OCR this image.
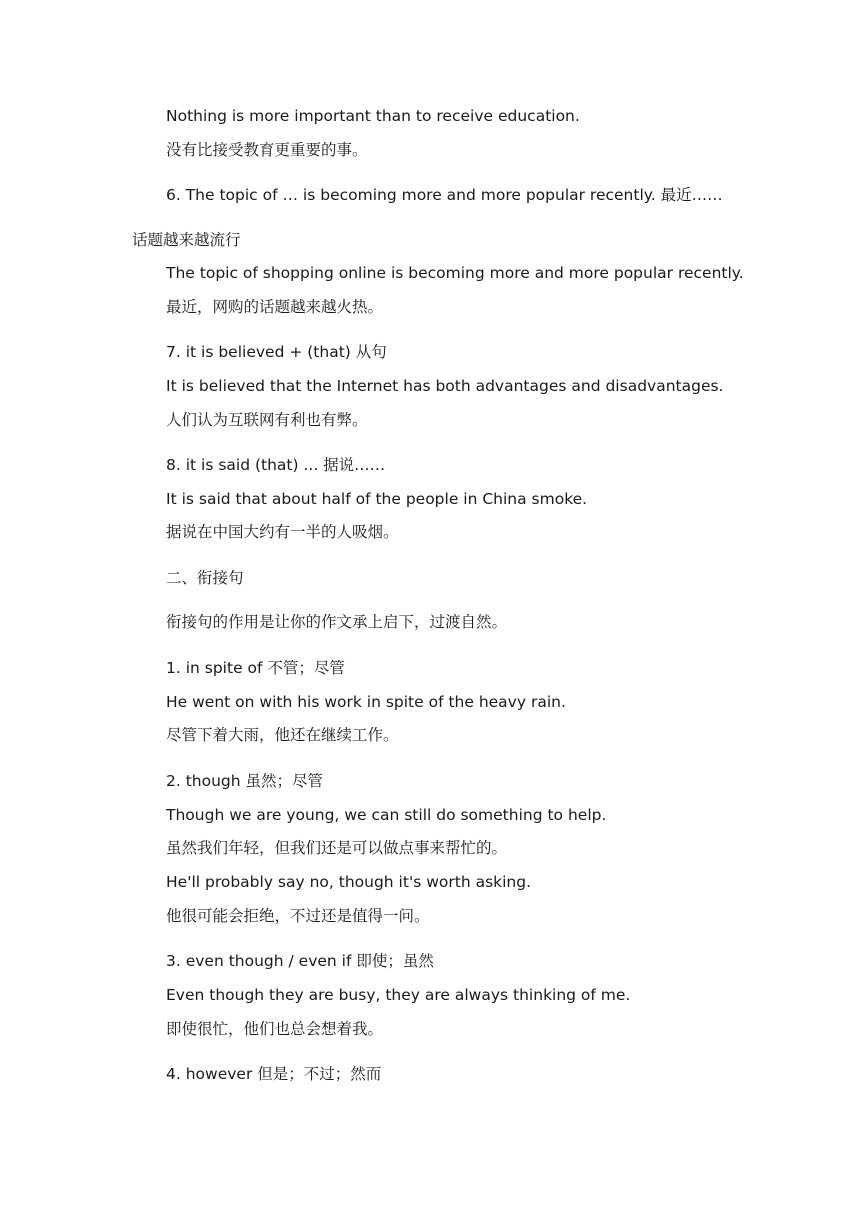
Nothing is more important than to receive education.
没有比接受教育更重要的事。
6. The topic of … is becoming more and more popular recently. 最近……
话题越来越流行
The topic of shopping online is becoming more and more popular recently.
最近，网购的话题越来越火热。
7. it is believed + (that) 从句
It is believed that the Internet has both advantages and disadvantages.
人们认为互联网有利也有弊。
8. it is said (that) ... 据说……
It is said that about half of the people in China smoke.
据说在中国大约有一半的人吸烟。
二、衔接句
衔接句的作用是让你的作文承上启下，过渡自然。
1. in spite of 不管；尽管
He went on with his work in spite of the heavy rain.
尽管下着大雨，他还在继续工作。
2. though 虽然；尽管
Though we are young, we can still do something to help.
虽然我们年轻，但我们还是可以做点事来帮忙的。
He'll probably say no, though it's worth asking.
他很可能会拒绝，不过还是值得一问。
3. even though / even if 即使；虽然
Even though they are busy, they are always thinking of me.
即使很忙，他们也总会想着我。
4. however 但是；不过；然而
